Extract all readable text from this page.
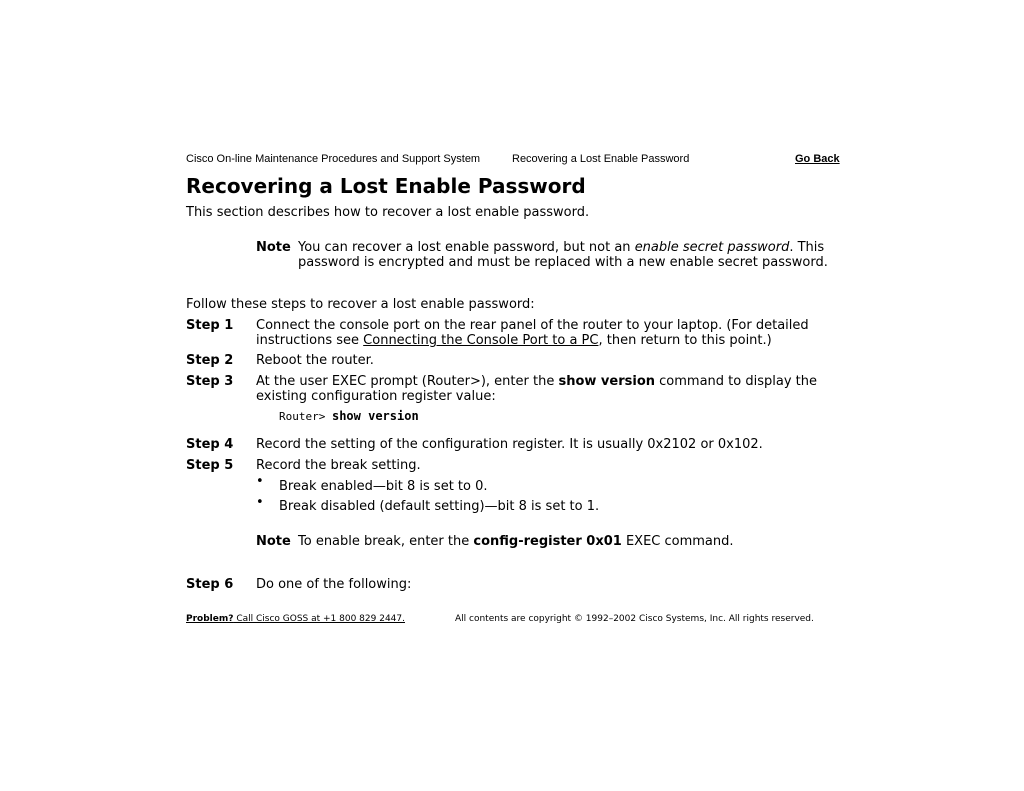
Cisco On-line Maintenance Procedures and Support System	Recovering a Lost Enable Password	Go Back
Recovering a Lost Enable Password
This section describes how to recover a lost enable password.
Note You can recover a lost enable password, but not an enable secret password. This
password is encrypted and must be replaced with a new enable secret password.
Follow these steps to recover a lost enable password:
Step 1 Connect the console port on the rear panel of the router to your laptop. (For detailed
instructions see Connecting the Console Port to a PC, then return to this point.)
Step 2 Reboot the router.
Step 3 At the user EXEC prompt (Router>), enter the show version command to display the
existing configuration register value:
Router> show version
Step 4 Record the setting of the configuration register. It is usually 0x2102 or 0x102.
Step 5 Record the break setting.
• Break enabled—bit 8 is set to 0.
• Break disabled (default setting)—bit 8 is set to 1.
Note To enable break, enter the config-register 0x01 EXEC command.
Step 6 Do one of the following:
Problem? Call Cisco GOSS at +1 800 829 2447.	All contents are copyright © 1992–2002 Cisco Systems, Inc. All rights reserved.
